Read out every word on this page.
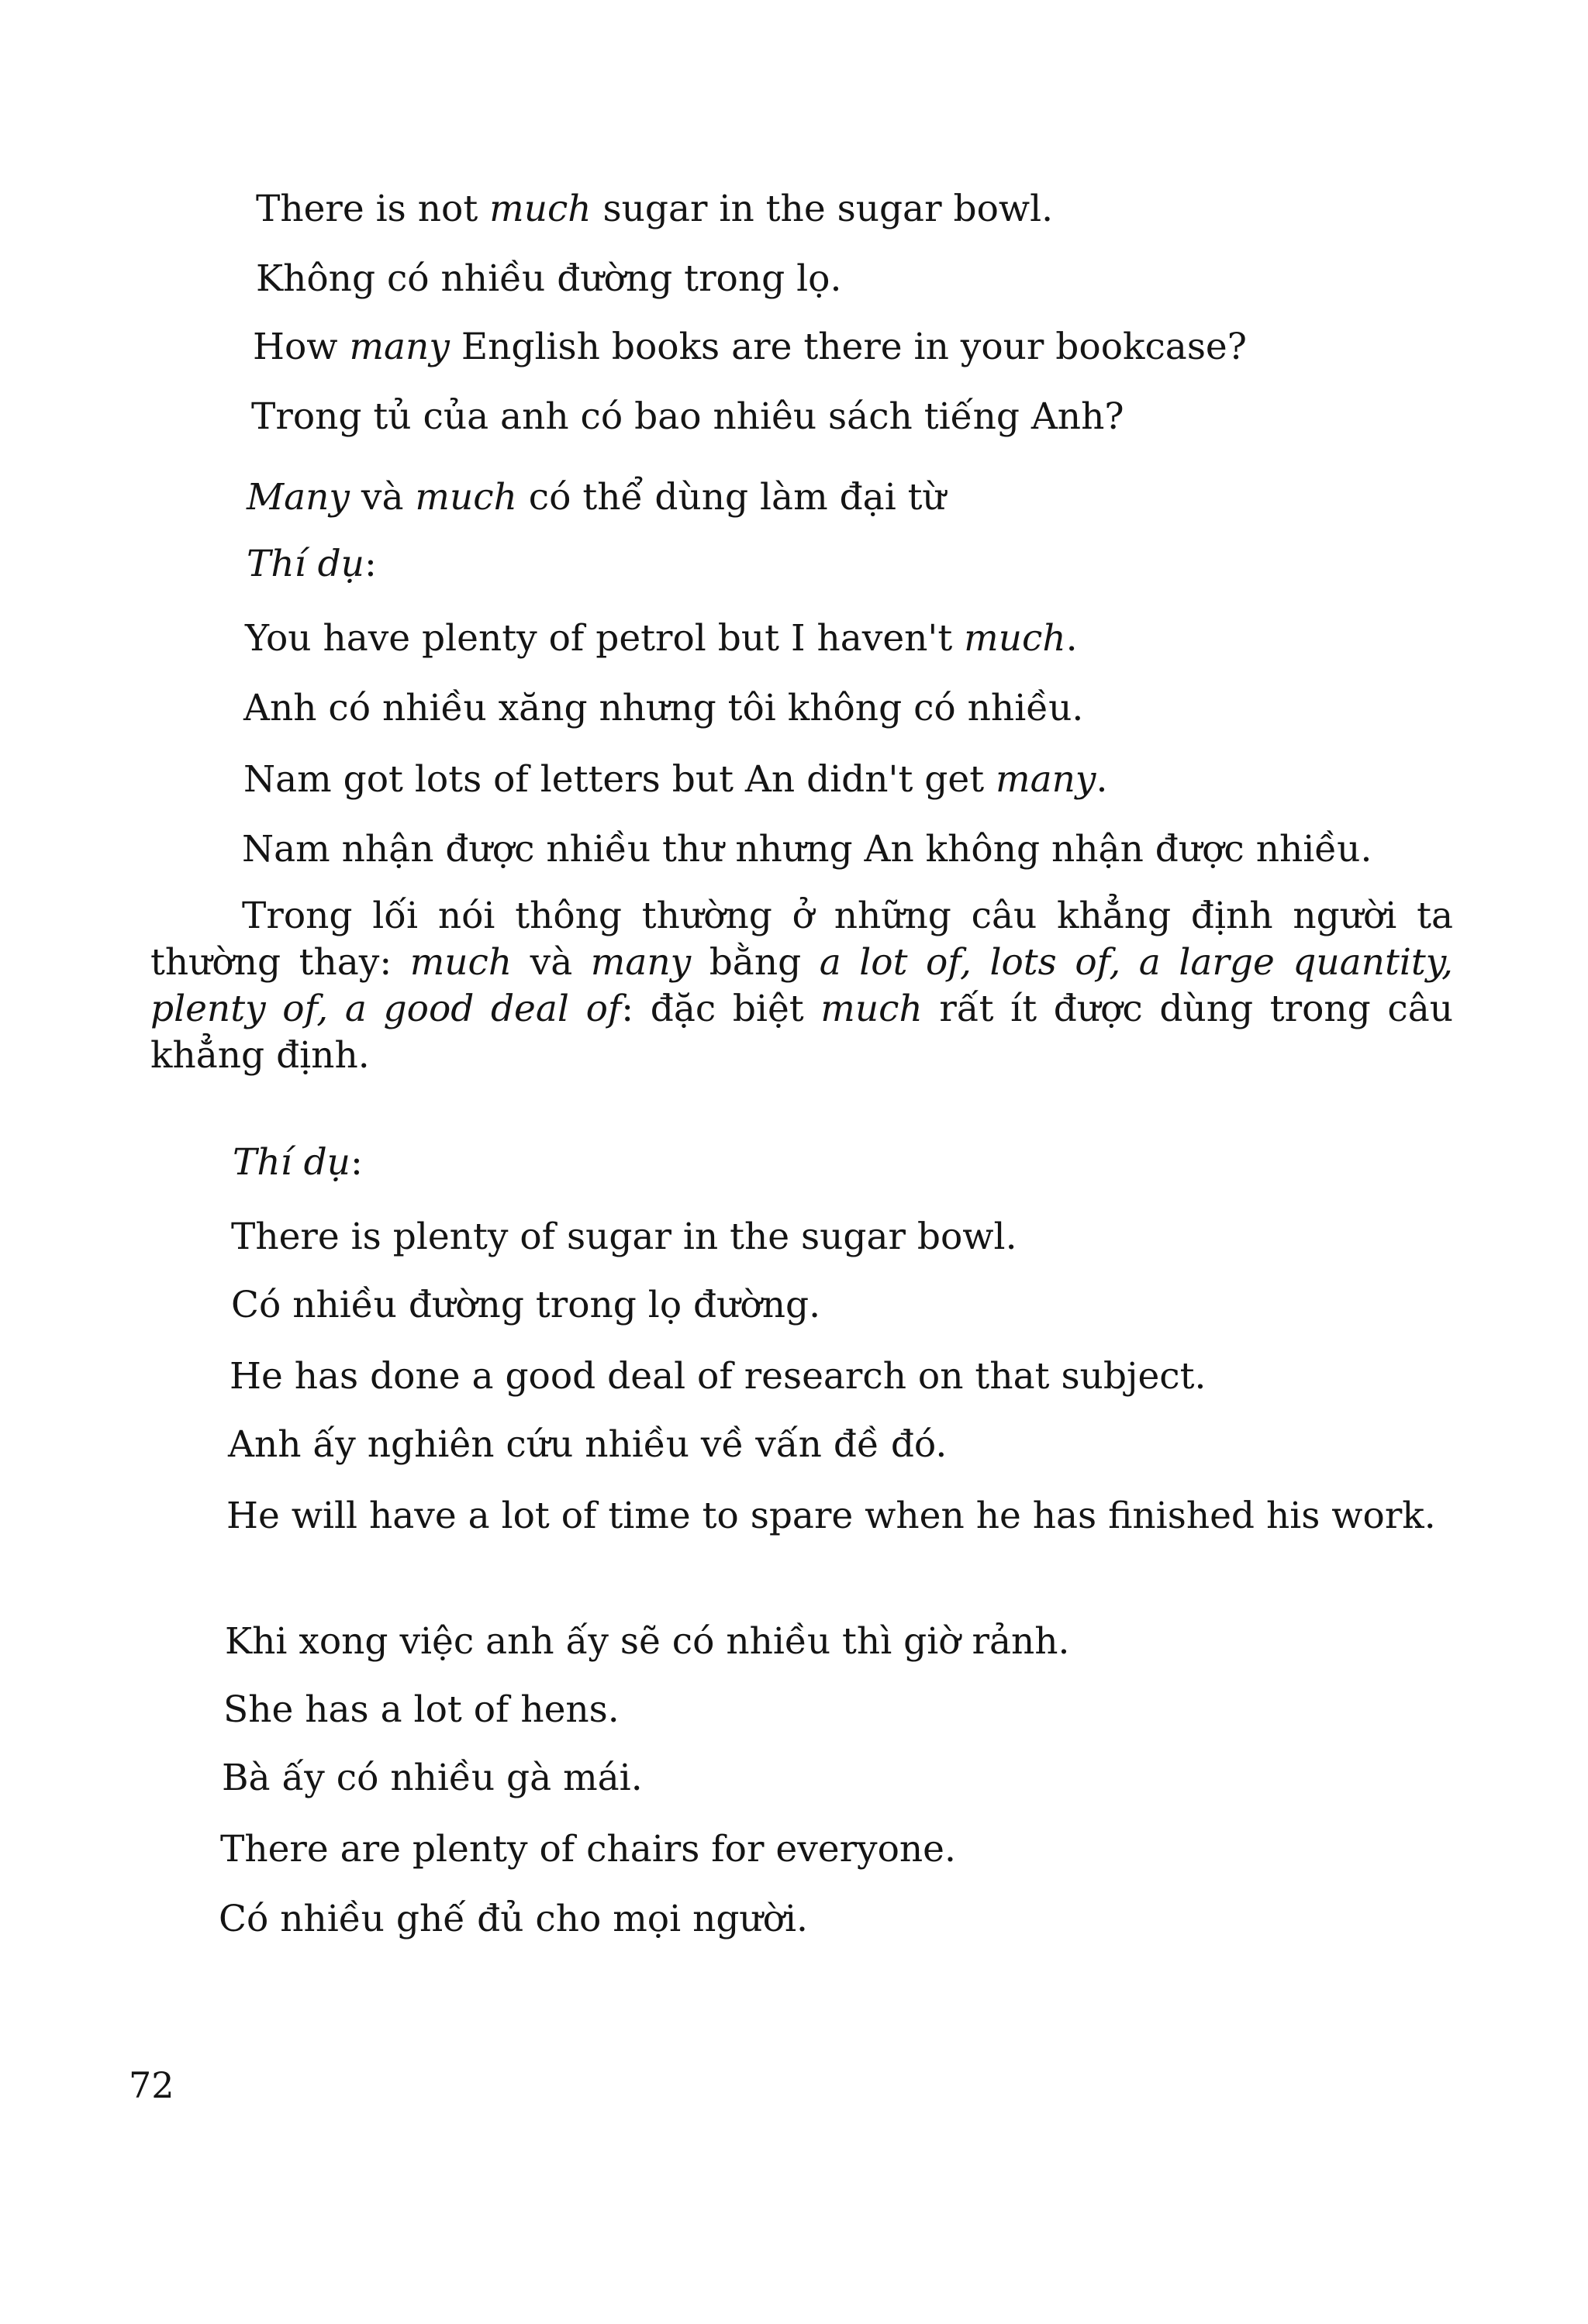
There is not much sugar in the sugar bowl.
Không có nhiều đường trong lọ.
How many English books are there in your bookcase?
Trong tủ của anh có bao nhiêu sách tiếng Anh?
Many và much có thể dùng làm đại từ
Thí dụ:
You have plenty of petrol but I haven't much.
Anh có nhiều xăng nhưng tôi không có nhiều.
Nam got lots of letters but An didn't get many.
Nam nhận được nhiều thư nhưng An không nhận được nhiều.
Trong lối nói thông thường ở những câu khẳng định người ta thường thay: much và many bằng a lot of, lots of, a large quantity, plenty of, a good deal of: đặc biệt much rất ít được dùng trong câu khẳng định.
Thí dụ:
There is plenty of sugar in the sugar bowl.
Có nhiều đường trong lọ đường.
He has done a good deal of research on that subject.
Anh ấy nghiên cứu nhiều về vấn đề đó.
He will have a lot of time to spare when he has finished his work.
Khi xong việc anh ấy sẽ có nhiều thì giờ rảnh.
She has a lot of hens.
Bà ấy có nhiều gà mái.
There are plenty of chairs for everyone.
Có nhiều ghế đủ cho mọi người.
72
